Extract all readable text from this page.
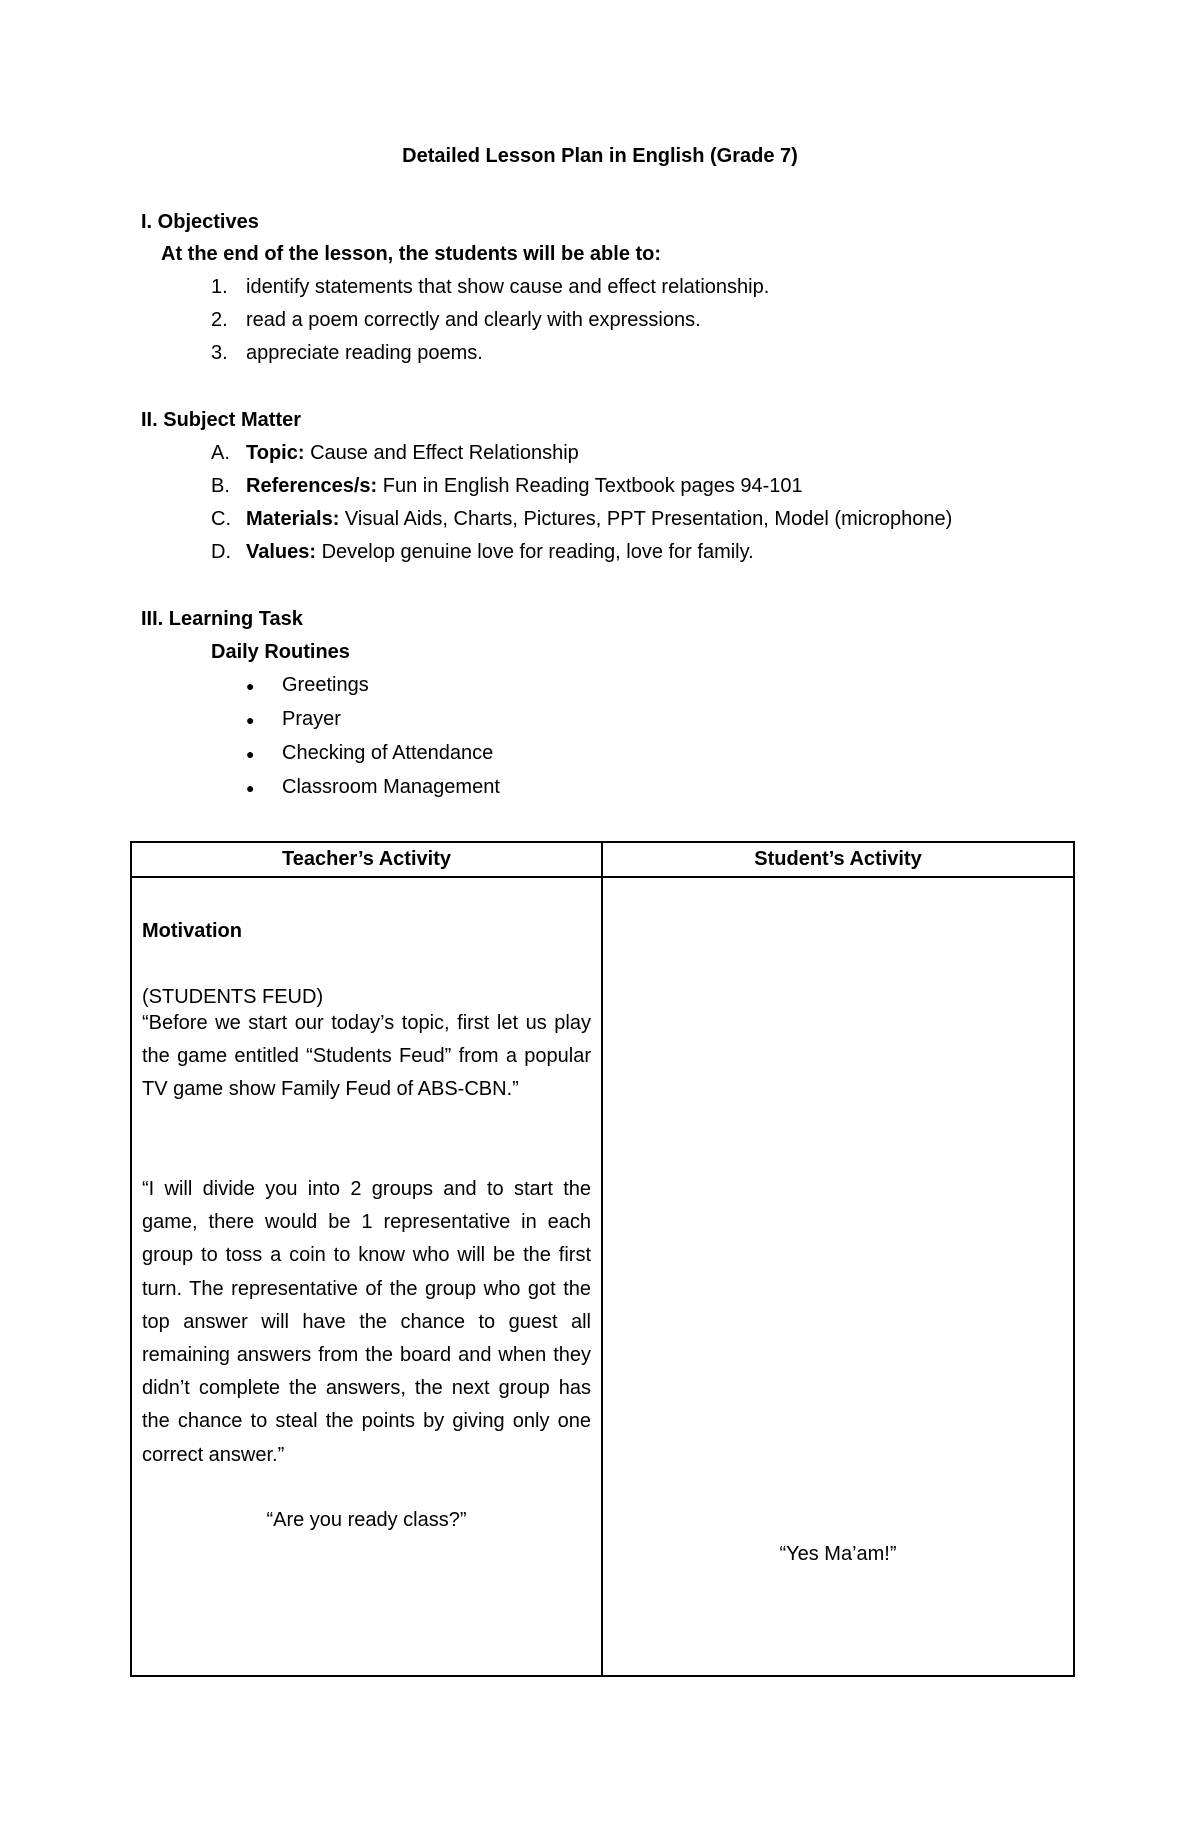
Detailed Lesson Plan in English (Grade 7)
I. Objectives
At the end of the lesson, the students will be able to:
1. identify statements that show cause and effect relationship.
2. read a poem correctly and clearly with expressions.
3. appreciate reading poems.
II. Subject Matter
A. Topic: Cause and Effect Relationship
B. References/s: Fun in English Reading Textbook pages 94-101
C. Materials: Visual Aids, Charts, Pictures, PPT Presentation, Model (microphone)
D. Values: Develop genuine love for reading, love for family.
III. Learning Task
Daily Routines
● Greetings
● Prayer
● Checking of Attendance
● Classroom Management
Teacher’s Activity	Student’s Activity

Motivation
(STUDENTS FEUD)

“Before we start our today’s topic, first let us play the game entitled “Students Feud” from a popular TV game show Family Feud of ABS-CBN.”

“I will divide you into 2 groups and to start the game, there would be 1 representative in each group to toss a coin to know who will be the first turn. The representative of the group who got the top answer will have the chance to guest all remaining answers from the board and when they didn’t complete the answers, the next group has the chance to steal the points by giving only one correct answer.”

“Are you ready class?”	“Yes Ma’am!”
